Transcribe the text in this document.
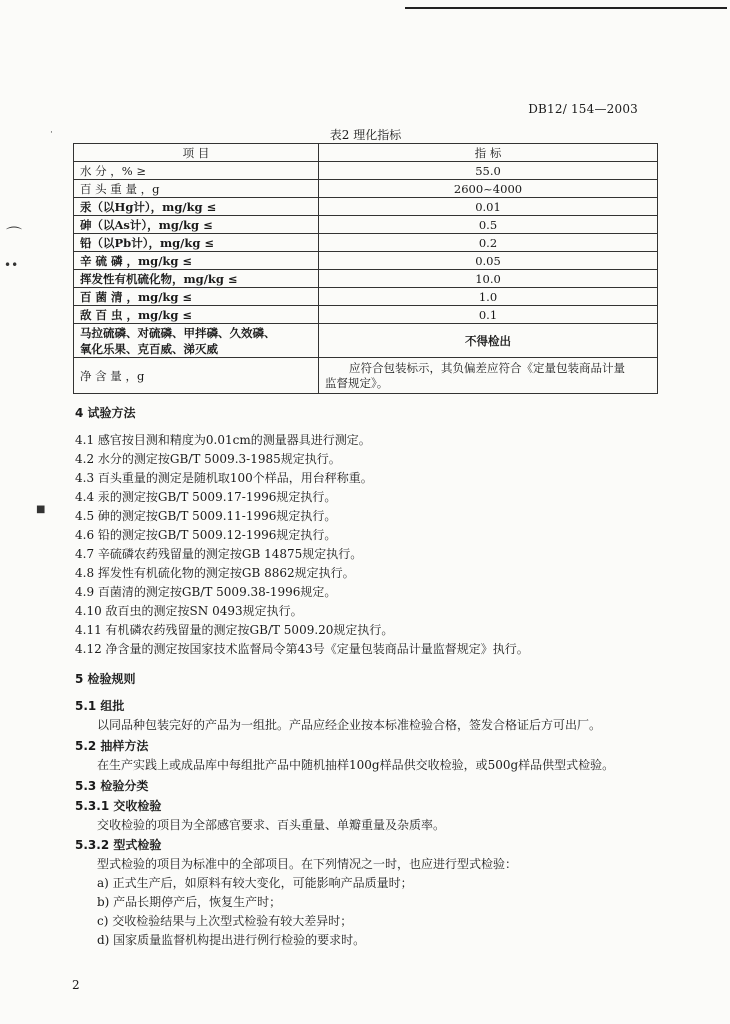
·
⌒
••
■
DB12/ 154—2003
表2 理化指标
项 目	指 标
水 分 ，% ≥	55.0
百 头 重 量 ，g	2600~4000
汞（以Hg计），mg/kg ≤	0.01
砷（以As计），mg/kg ≤	0.5
铅（以Pb计），mg/kg ≤	0.2
辛 硫 磷 ，mg/kg ≤	0.05
挥发性有机硫化物，mg/kg ≤	10.0
百 菌 清 ，mg/kg ≤	1.0
敌 百 虫 ，mg/kg ≤	0.1

马拉硫磷、对硫磷、甲拌磷、久效磷、
氧化乐果、克百威、涕灭威	不得检出
净 含 量 ，g	应符合包装标示，其负偏差应符合《定量包装商品计量
监督规定》。
4 试验方法
4.1 感官按目测和精度为0.01cm的测量器具进行测定。
4.2 水分的测定按GB/T 5009.3-1985规定执行。
4.3 百头重量的测定是随机取100个样品，用台秤称重。
4.4 汞的测定按GB/T 5009.17-1996规定执行。
4.5 砷的测定按GB/T 5009.11-1996规定执行。
4.6 铅的测定按GB/T 5009.12-1996规定执行。
4.7 辛硫磷农药残留量的测定按GB 14875规定执行。
4.8 挥发性有机硫化物的测定按GB 8862规定执行。
4.9 百菌清的测定按GB/T 5009.38-1996规定。
4.10 敌百虫的测定按SN 0493规定执行。
4.11 有机磷农药残留量的测定按GB/T 5009.20规定执行。
4.12 净含量的测定按国家技术监督局令第43号《定量包装商品计量监督规定》执行。
5 检验规则
5.1 组批
以同品种包装完好的产品为一组批。产品应经企业按本标准检验合格，签发合格证后方可出厂。
5.2 抽样方法
在生产实践上或成品库中每组批产品中随机抽样100g样品供交收检验，或500g样品供型式检验。
5.3 检验分类
5.3.1 交收检验
交收检验的项目为全部感官要求、百头重量、单瓣重量及杂质率。
5.3.2 型式检验
型式检验的项目为标准中的全部项目。在下列情况之一时，也应进行型式检验：
a) 正式生产后，如原料有较大变化，可能影响产品质量时；
b) 产品长期停产后，恢复生产时；
c) 交收检验结果与上次型式检验有较大差异时；
d) 国家质量监督机构提出进行例行检验的要求时。
2
